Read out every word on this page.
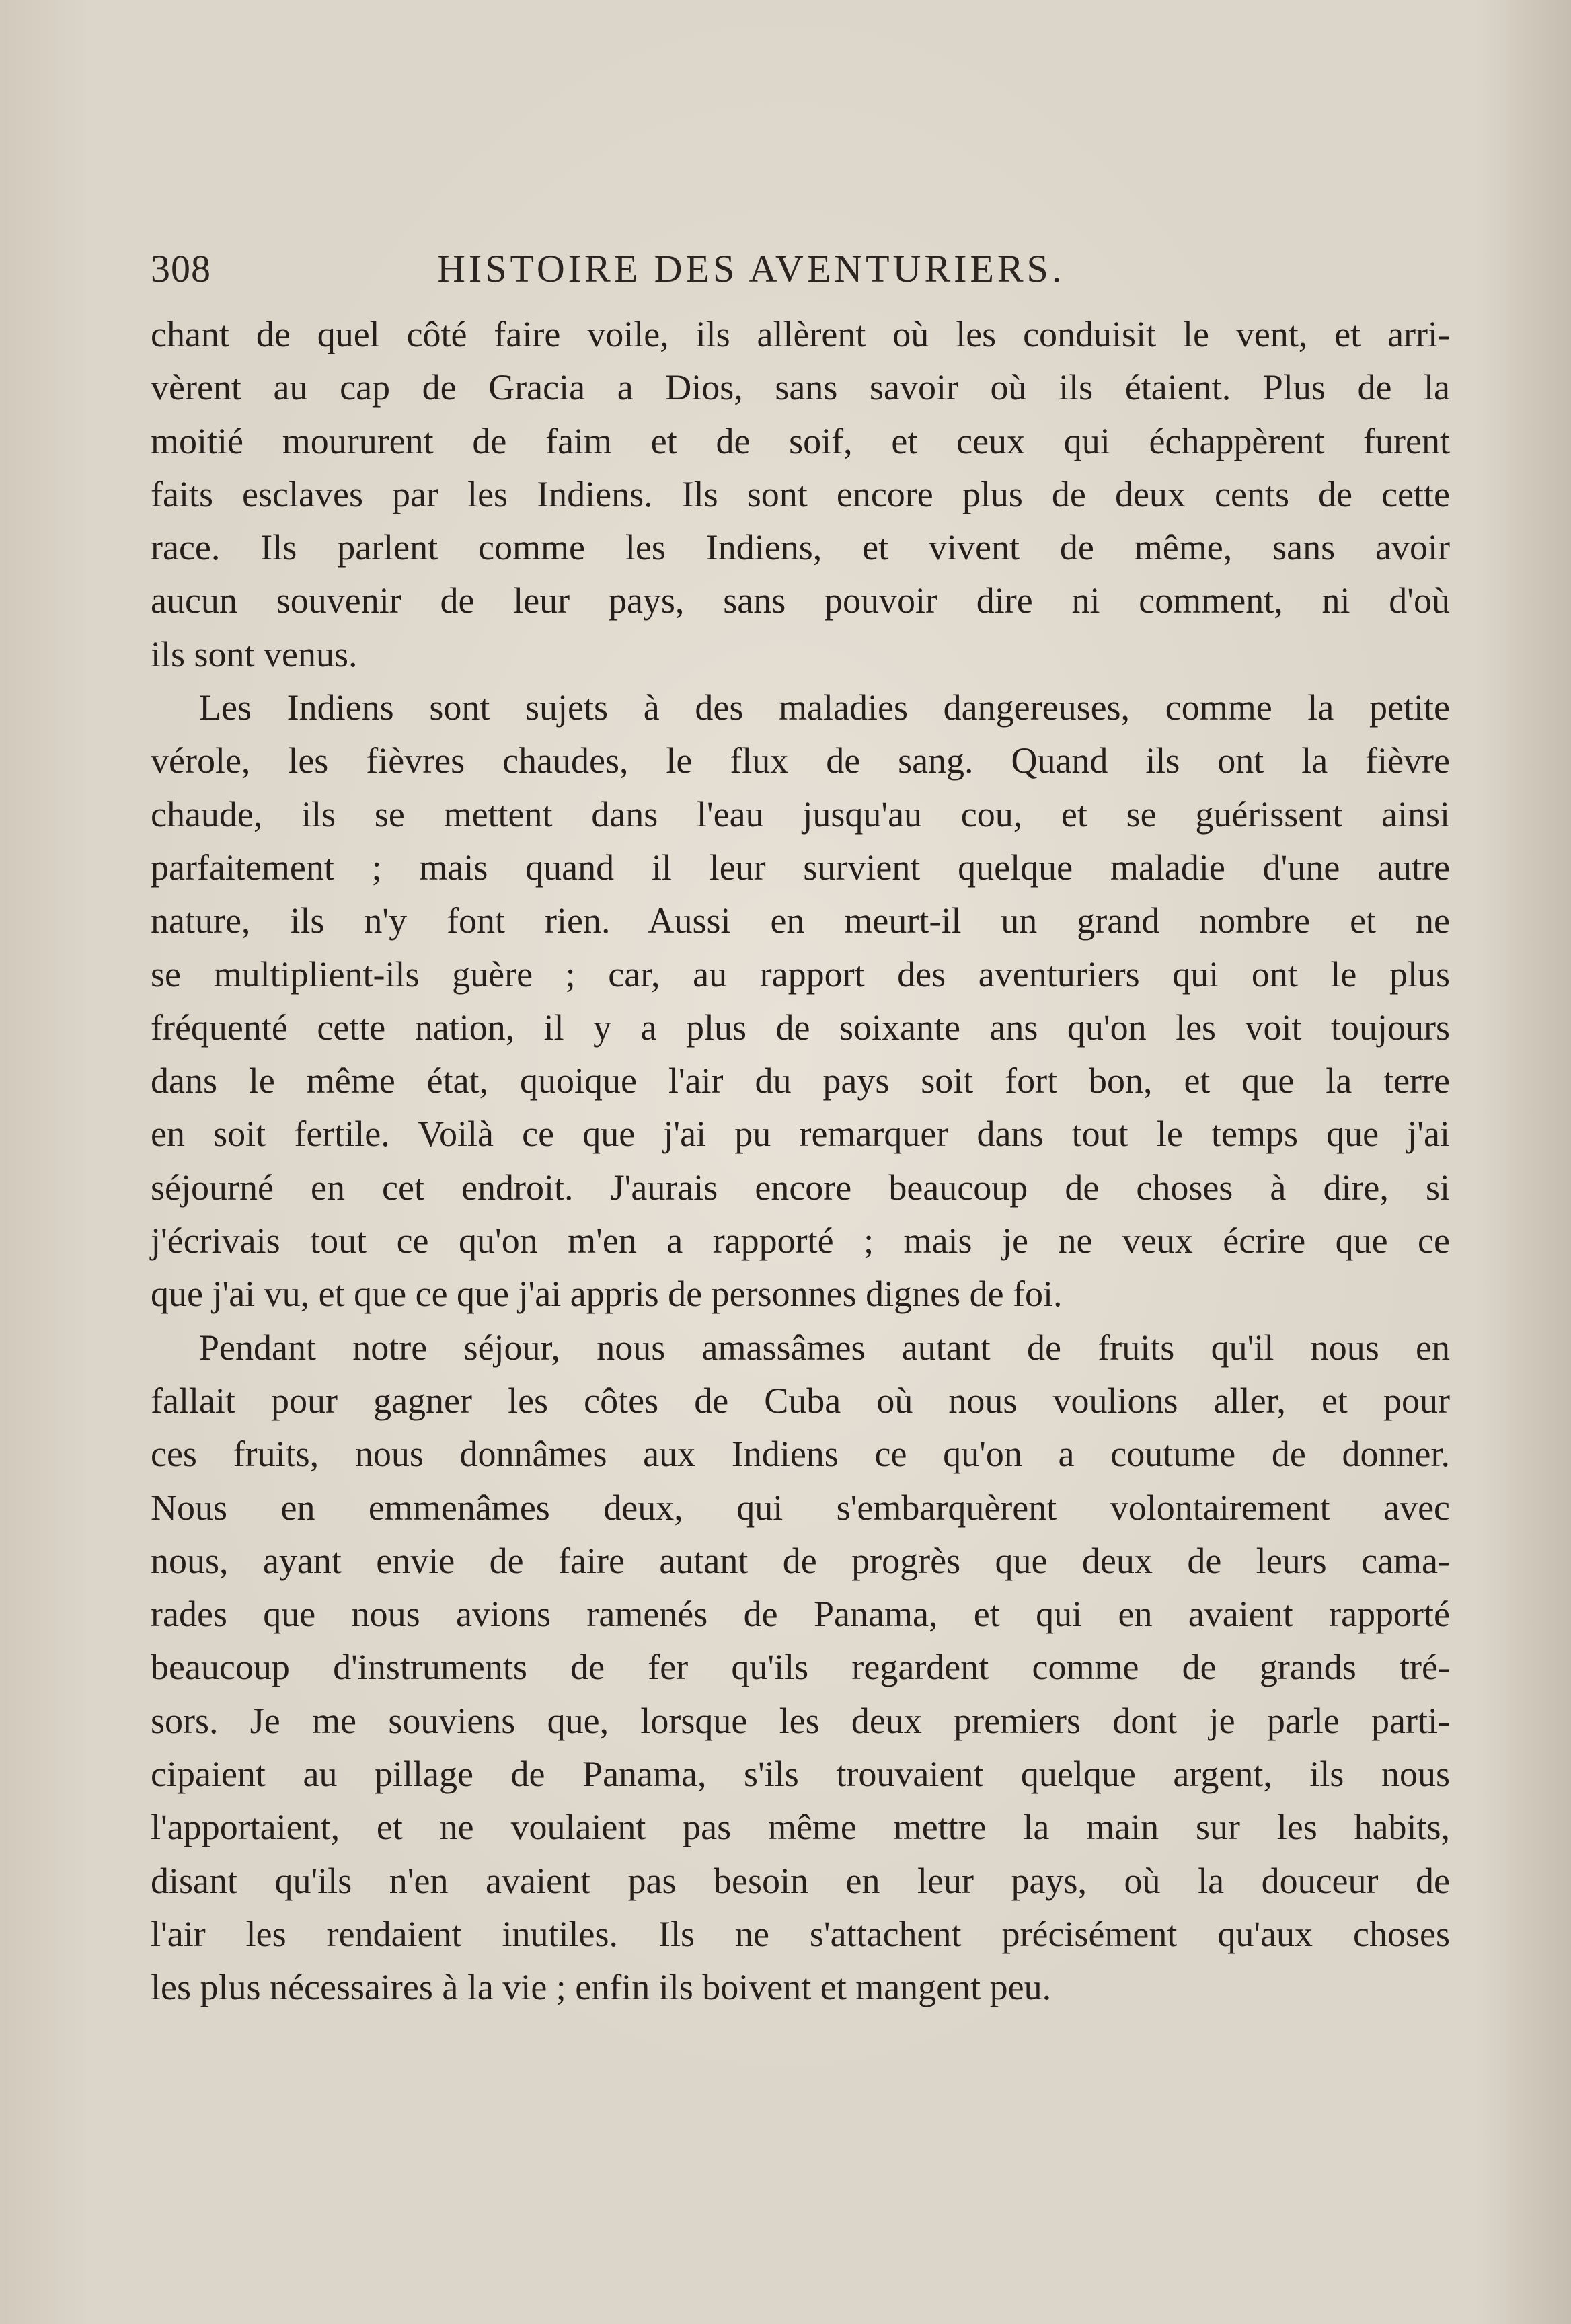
308	HISTOIRE DES AVENTURIERS.
chant de quel côté faire voile, ils allèrent où les conduisit le vent, et arri-
vèrent au cap de Gracia a Dios, sans savoir où ils étaient. Plus de la
moitié moururent de faim et de soif, et ceux qui échappèrent furent
faits esclaves par les Indiens. Ils sont encore plus de deux cents de cette
race. Ils parlent comme les Indiens, et vivent de même, sans avoir
aucun souvenir de leur pays, sans pouvoir dire ni comment, ni d'où
ils sont venus.
Les Indiens sont sujets à des maladies dangereuses, comme la petite
vérole, les fièvres chaudes, le flux de sang. Quand ils ont la fièvre
chaude, ils se mettent dans l'eau jusqu'au cou, et se guérissent ainsi
parfaitement ; mais quand il leur survient quelque maladie d'une autre
nature, ils n'y font rien. Aussi en meurt-il un grand nombre et ne
se multiplient-ils guère ; car, au rapport des aventuriers qui ont le plus
fréquenté cette nation, il y a plus de soixante ans qu'on les voit toujours
dans le même état, quoique l'air du pays soit fort bon, et que la terre
en soit fertile. Voilà ce que j'ai pu remarquer dans tout le temps que j'ai
séjourné en cet endroit. J'aurais encore beaucoup de choses à dire, si
j'écrivais tout ce qu'on m'en a rapporté ; mais je ne veux écrire que ce
que j'ai vu, et que ce que j'ai appris de personnes dignes de foi.
Pendant notre séjour, nous amassâmes autant de fruits qu'il nous en
fallait pour gagner les côtes de Cuba où nous voulions aller, et pour
ces fruits, nous donnâmes aux Indiens ce qu'on a coutume de donner.
Nous en emmenâmes deux, qui s'embarquèrent volontairement avec
nous, ayant envie de faire autant de progrès que deux de leurs cama-
rades que nous avions ramenés de Panama, et qui en avaient rapporté
beaucoup d'instruments de fer qu'ils regardent comme de grands tré-
sors. Je me souviens que, lorsque les deux premiers dont je parle parti-
cipaient au pillage de Panama, s'ils trouvaient quelque argent, ils nous
l'apportaient, et ne voulaient pas même mettre la main sur les habits,
disant qu'ils n'en avaient pas besoin en leur pays, où la douceur de
l'air les rendaient inutiles. Ils ne s'attachent précisément qu'aux choses
les plus nécessaires à la vie ; enfin ils boivent et mangent peu.
